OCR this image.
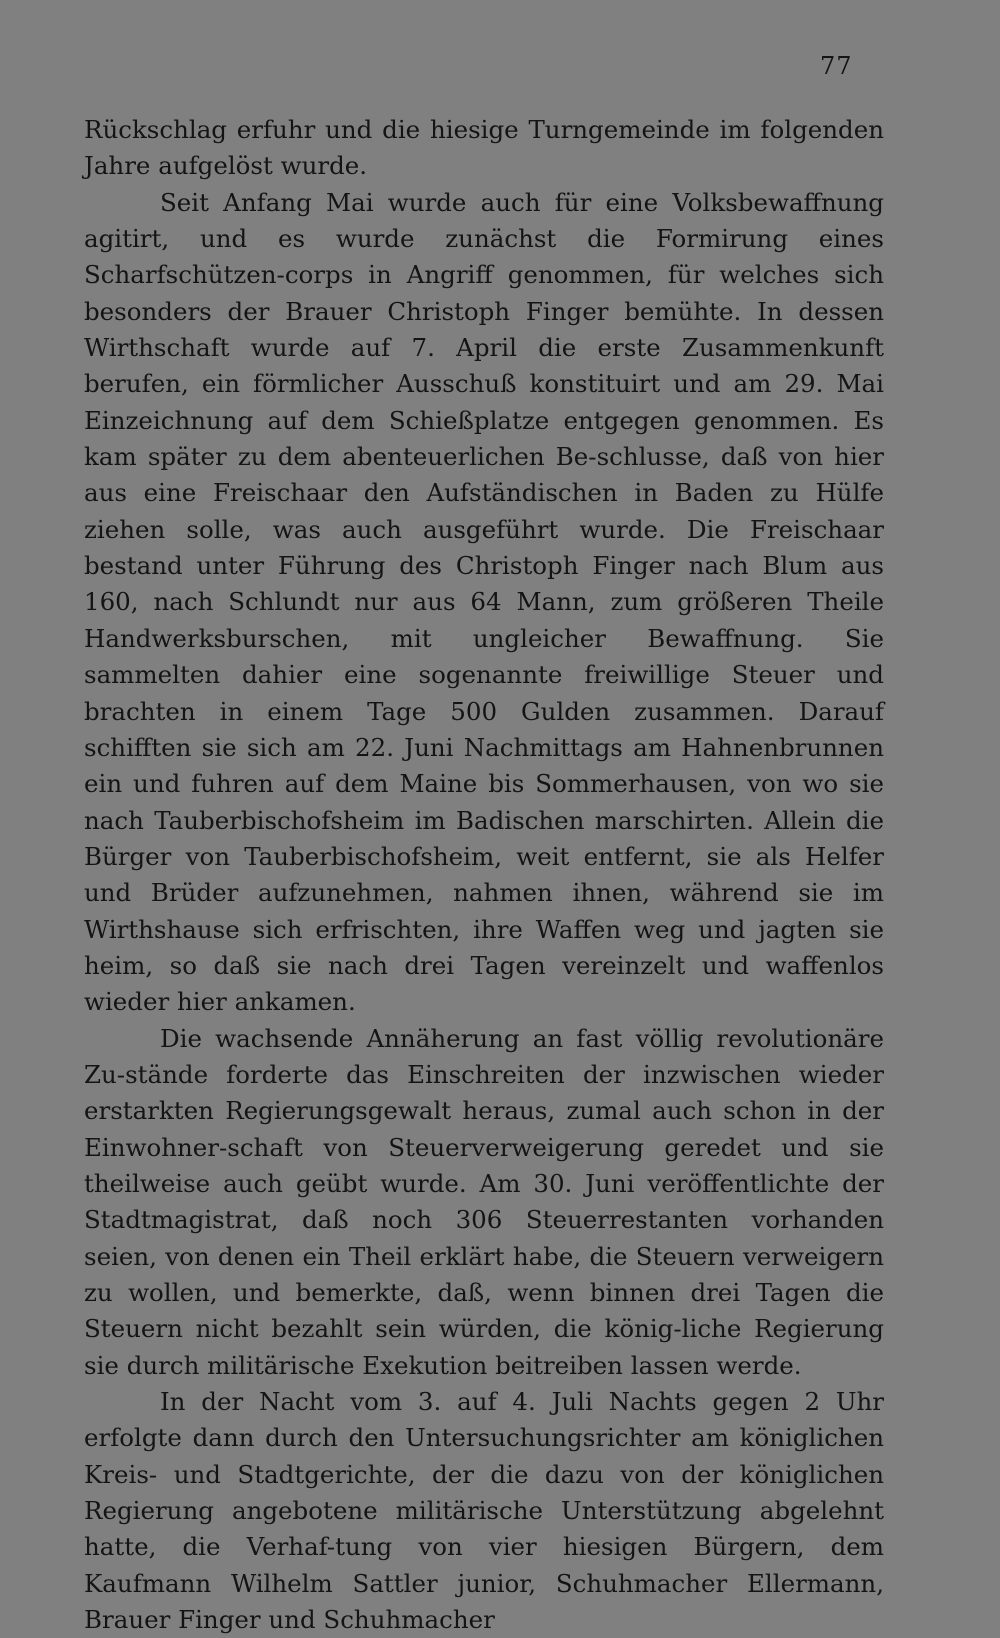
77

Rückschlag erfuhr und die hiesige Turngemeinde im folgenden Jahre aufgelöst wurde.

Seit Anfang Mai wurde auch für eine Volksbewaffnung agitirt, und es wurde zunächst die Formirung eines Scharfschützen-corps in Angriff genommen, für welches sich besonders der Brauer Christoph Finger bemühte. In dessen Wirthschaft wurde auf 7. April die erste Zusammenkunft berufen, ein förmlicher Ausschuß konstituirt und am 29. Mai Einzeichnung auf dem Schießplatze entgegen genommen. Es kam später zu dem abenteuerlichen Be-schlusse, daß von hier aus eine Freischaar den Aufständischen in Baden zu Hülfe ziehen solle, was auch ausgeführt wurde. Die Freischaar bestand unter Führung des Christoph Finger nach Blum aus 160, nach Schlundt nur aus 64 Mann, zum größeren Theile Handwerksburschen, mit ungleicher Bewaffnung. Sie sammelten dahier eine sogenannte freiwillige Steuer und brachten in einem Tage 500 Gulden zusammen. Darauf schifften sie sich am 22. Juni Nachmittags am Hahnenbrunnen ein und fuhren auf dem Maine bis Sommerhausen, von wo sie nach Tauberbischofsheim im Badischen marschirten. Allein die Bürger von Tauberbischofsheim, weit entfernt, sie als Helfer und Brüder aufzunehmen, nahmen ihnen, während sie im Wirthshause sich erfrischten, ihre Waffen weg und jagten sie heim, so daß sie nach drei Tagen vereinzelt und waffenlos wieder hier ankamen.

Die wachsende Annäherung an fast völlig revolutionäre Zu-stände forderte das Einschreiten der inzwischen wieder erstarkten Regierungsgewalt heraus, zumal auch schon in der Einwohner-schaft von Steuerverweigerung geredet und sie theilweise auch geübt wurde. Am 30. Juni veröffentlichte der Stadtmagistrat, daß noch 306 Steuerrestanten vorhanden seien, von denen ein Theil erklärt habe, die Steuern verweigern zu wollen, und bemerkte, daß, wenn binnen drei Tagen die Steuern nicht bezahlt sein würden, die könig-liche Regierung sie durch militärische Exekution beitreiben lassen werde.

In der Nacht vom 3. auf 4. Juli Nachts gegen 2 Uhr erfolgte dann durch den Untersuchungsrichter am königlichen Kreis- und Stadtgerichte, der die dazu von der königlichen Regierung angebotene militärische Unterstützung abgelehnt hatte, die Verhaf-tung von vier hiesigen Bürgern, dem Kaufmann Wilhelm Sattler junior, Schuhmacher Ellermann, Brauer Finger und Schuhmacher
